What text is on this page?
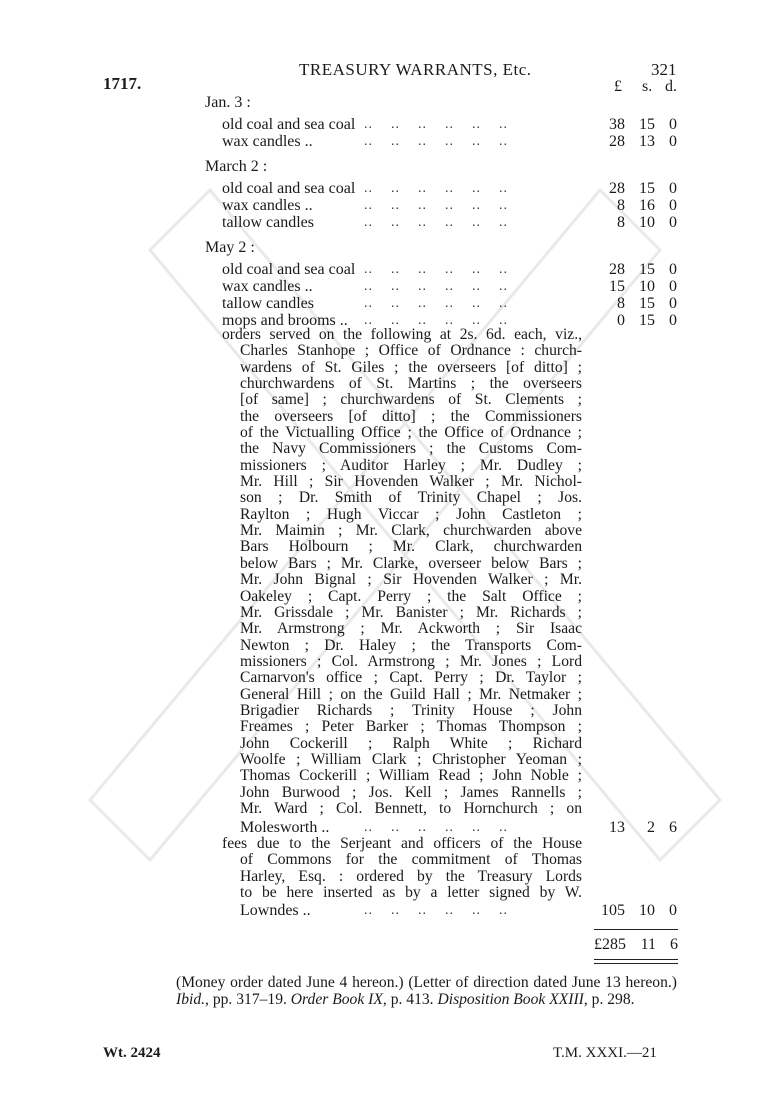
1717.
TREASURY WARRANTS, Etc.	321
£ s. d.
Jan. 3 :
old coal and sea coal ..    ..    ..    ..    ..    ..	38 15 0
wax candles ..	..    ..    ..    ..    ..    ..	28 13 0
March 2 :
old coal and sea coal ..    ..    ..    ..    ..    ..	28 15 0
wax candles ..	..    ..    ..    ..    ..    ..	8 16 0
tallow candles	..    ..    ..    ..    ..    ..	8 10 0
May 2 :
old coal and sea coal ..    ..    ..    ..    ..    ..	28 15 0
wax candles ..	..    ..    ..    ..    ..    ..	15 10 0
tallow candles	..    ..    ..    ..    ..    ..	8 15 0
mops and brooms .. ..    ..    ..    ..    ..    ..	0 15 0
orders served on the following at 2s. 6d. each, viz.,
Charles Stanhope ; Office of Ordnance : church-
wardens of St. Giles ; the overseers [of ditto] ;
churchwardens of St. Martins ; the overseers
[of same] ; churchwardens of St. Clements ;
the overseers [of ditto] ; the Commissioners
of the Victualling Office ; the Office of Ordnance ;
the Navy Commissioners ; the Customs Com-
missioners ; Auditor Harley ; Mr. Dudley ;
Mr. Hill ; Sir Hovenden Walker ; Mr. Nichol-
son ; Dr. Smith of Trinity Chapel ; Jos.
Raylton ; Hugh Viccar ; John Castleton ;
Mr. Maimin ; Mr. Clark, churchwarden above
Bars Holbourn ; Mr. Clark, churchwarden
below Bars ; Mr. Clarke, overseer below Bars ;
Mr. John Bignal ; Sir Hovenden Walker ; Mr.
Oakeley ; Capt. Perry ; the Salt Office ;
Mr. Grissdale ; Mr. Banister ; Mr. Richards ;
Mr. Armstrong ; Mr. Ackworth ; Sir Isaac
Newton ; Dr. Haley ; the Transports Com-
missioners ; Col. Armstrong ; Mr. Jones ; Lord
Carnarvon's office ; Capt. Perry ; Dr. Taylor ;
General Hill ; on the Guild Hall ; Mr. Netmaker ;
Brigadier Richards ; Trinity House ; John
Freames ; Peter Barker ; Thomas Thompson ;
John Cockerill ; Ralph White ; Richard
Woolfe ; William Clark ; Christopher Yeoman ;
Thomas Cockerill ; William Read ; John Noble ;
John Burwood ; Jos. Kell ; James Rannells ;
Mr. Ward ; Col. Bennett, to Hornchurch ; on
Molesworth .. ..    ..    ..    ..    ..    ..	13 2 6
fees due to the Serjeant and officers of the House
of Commons for the commitment of Thomas
Harley, Esq. : ordered by the Treasury Lords
to be here inserted as by a letter signed by W.
Lowndes ..	..    ..    ..    ..    ..    ..	105 10 0
£285 11 6
(Money order dated June 4 hereon.) (Letter of direction dated June 13 hereon.) Ibid., pp. 317–19. Order Book IX, p. 413. Disposition Book XXIII, p. 298.
Wt. 2424	T.M. XXXI.—21
